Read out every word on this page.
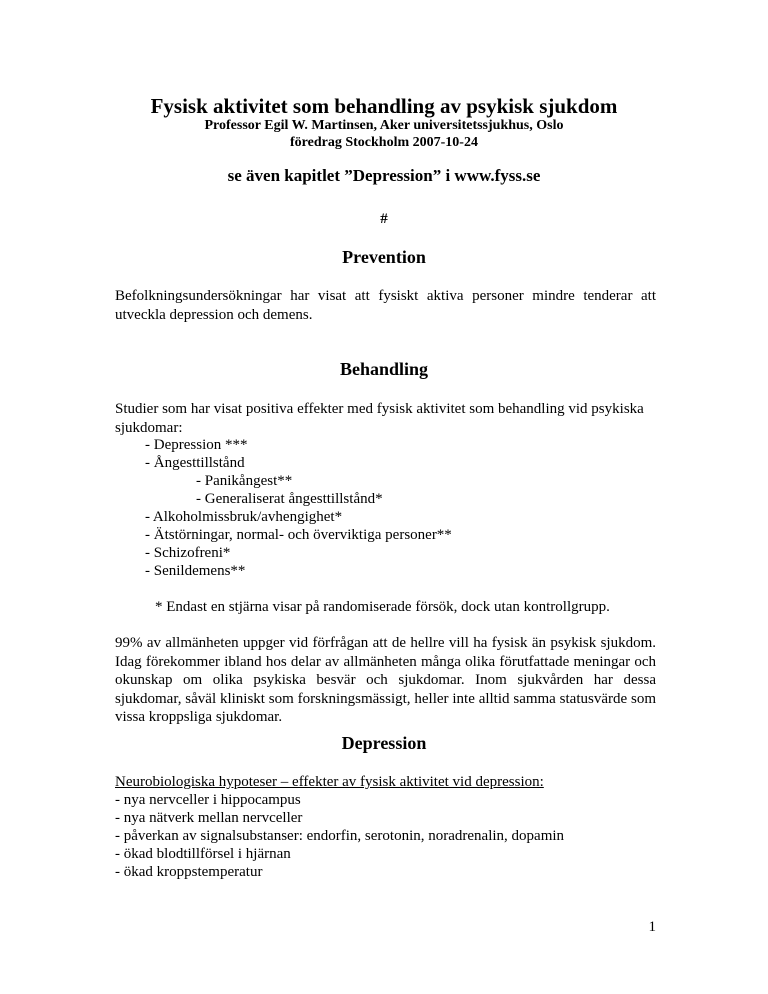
Fysisk aktivitet som behandling av psykisk sjukdom
Professor Egil W. Martinsen, Aker universitetssjukhus, Oslo
föredrag Stockholm 2007-10-24
se även kapitlet ”Depression” i www.fyss.se
#
Prevention
Befolkningsundersökningar har visat att fysiskt aktiva personer mindre tenderar att utveckla depression och demens.
Behandling
Studier som har visat positiva effekter med fysisk aktivitet som behandling vid psykiska sjukdomar:
- Depression ***
- Ångesttillstånd
- Panikångest**
- Generaliserat ångesttillstånd*
- Alkoholmissbruk/avhengighet*
- Ätstörningar, normal- och överviktiga personer**
- Schizofreni*
- Senildemens**
* Endast en stjärna visar på randomiserade försök, dock utan kontrollgrupp.
99% av allmänheten uppger vid förfrågan att de hellre vill ha fysisk än psykisk sjukdom. Idag förekommer ibland hos delar av allmänheten många olika förutfattade meningar och okunskap om olika psykiska besvär och sjukdomar. Inom sjukvården har dessa sjukdomar, såväl kliniskt som forskningsmässigt, heller inte alltid samma statusvärde som vissa kroppsliga sjukdomar.
Depression
Neurobiologiska hypoteser – effekter av fysisk aktivitet vid depression:
- nya nervceller i hippocampus
- nya nätverk mellan nervceller
- påverkan av signalsubstanser: endorfin, serotonin, noradrenalin, dopamin
- ökad blodtillförsel i hjärnan
- ökad kroppstemperatur
1
